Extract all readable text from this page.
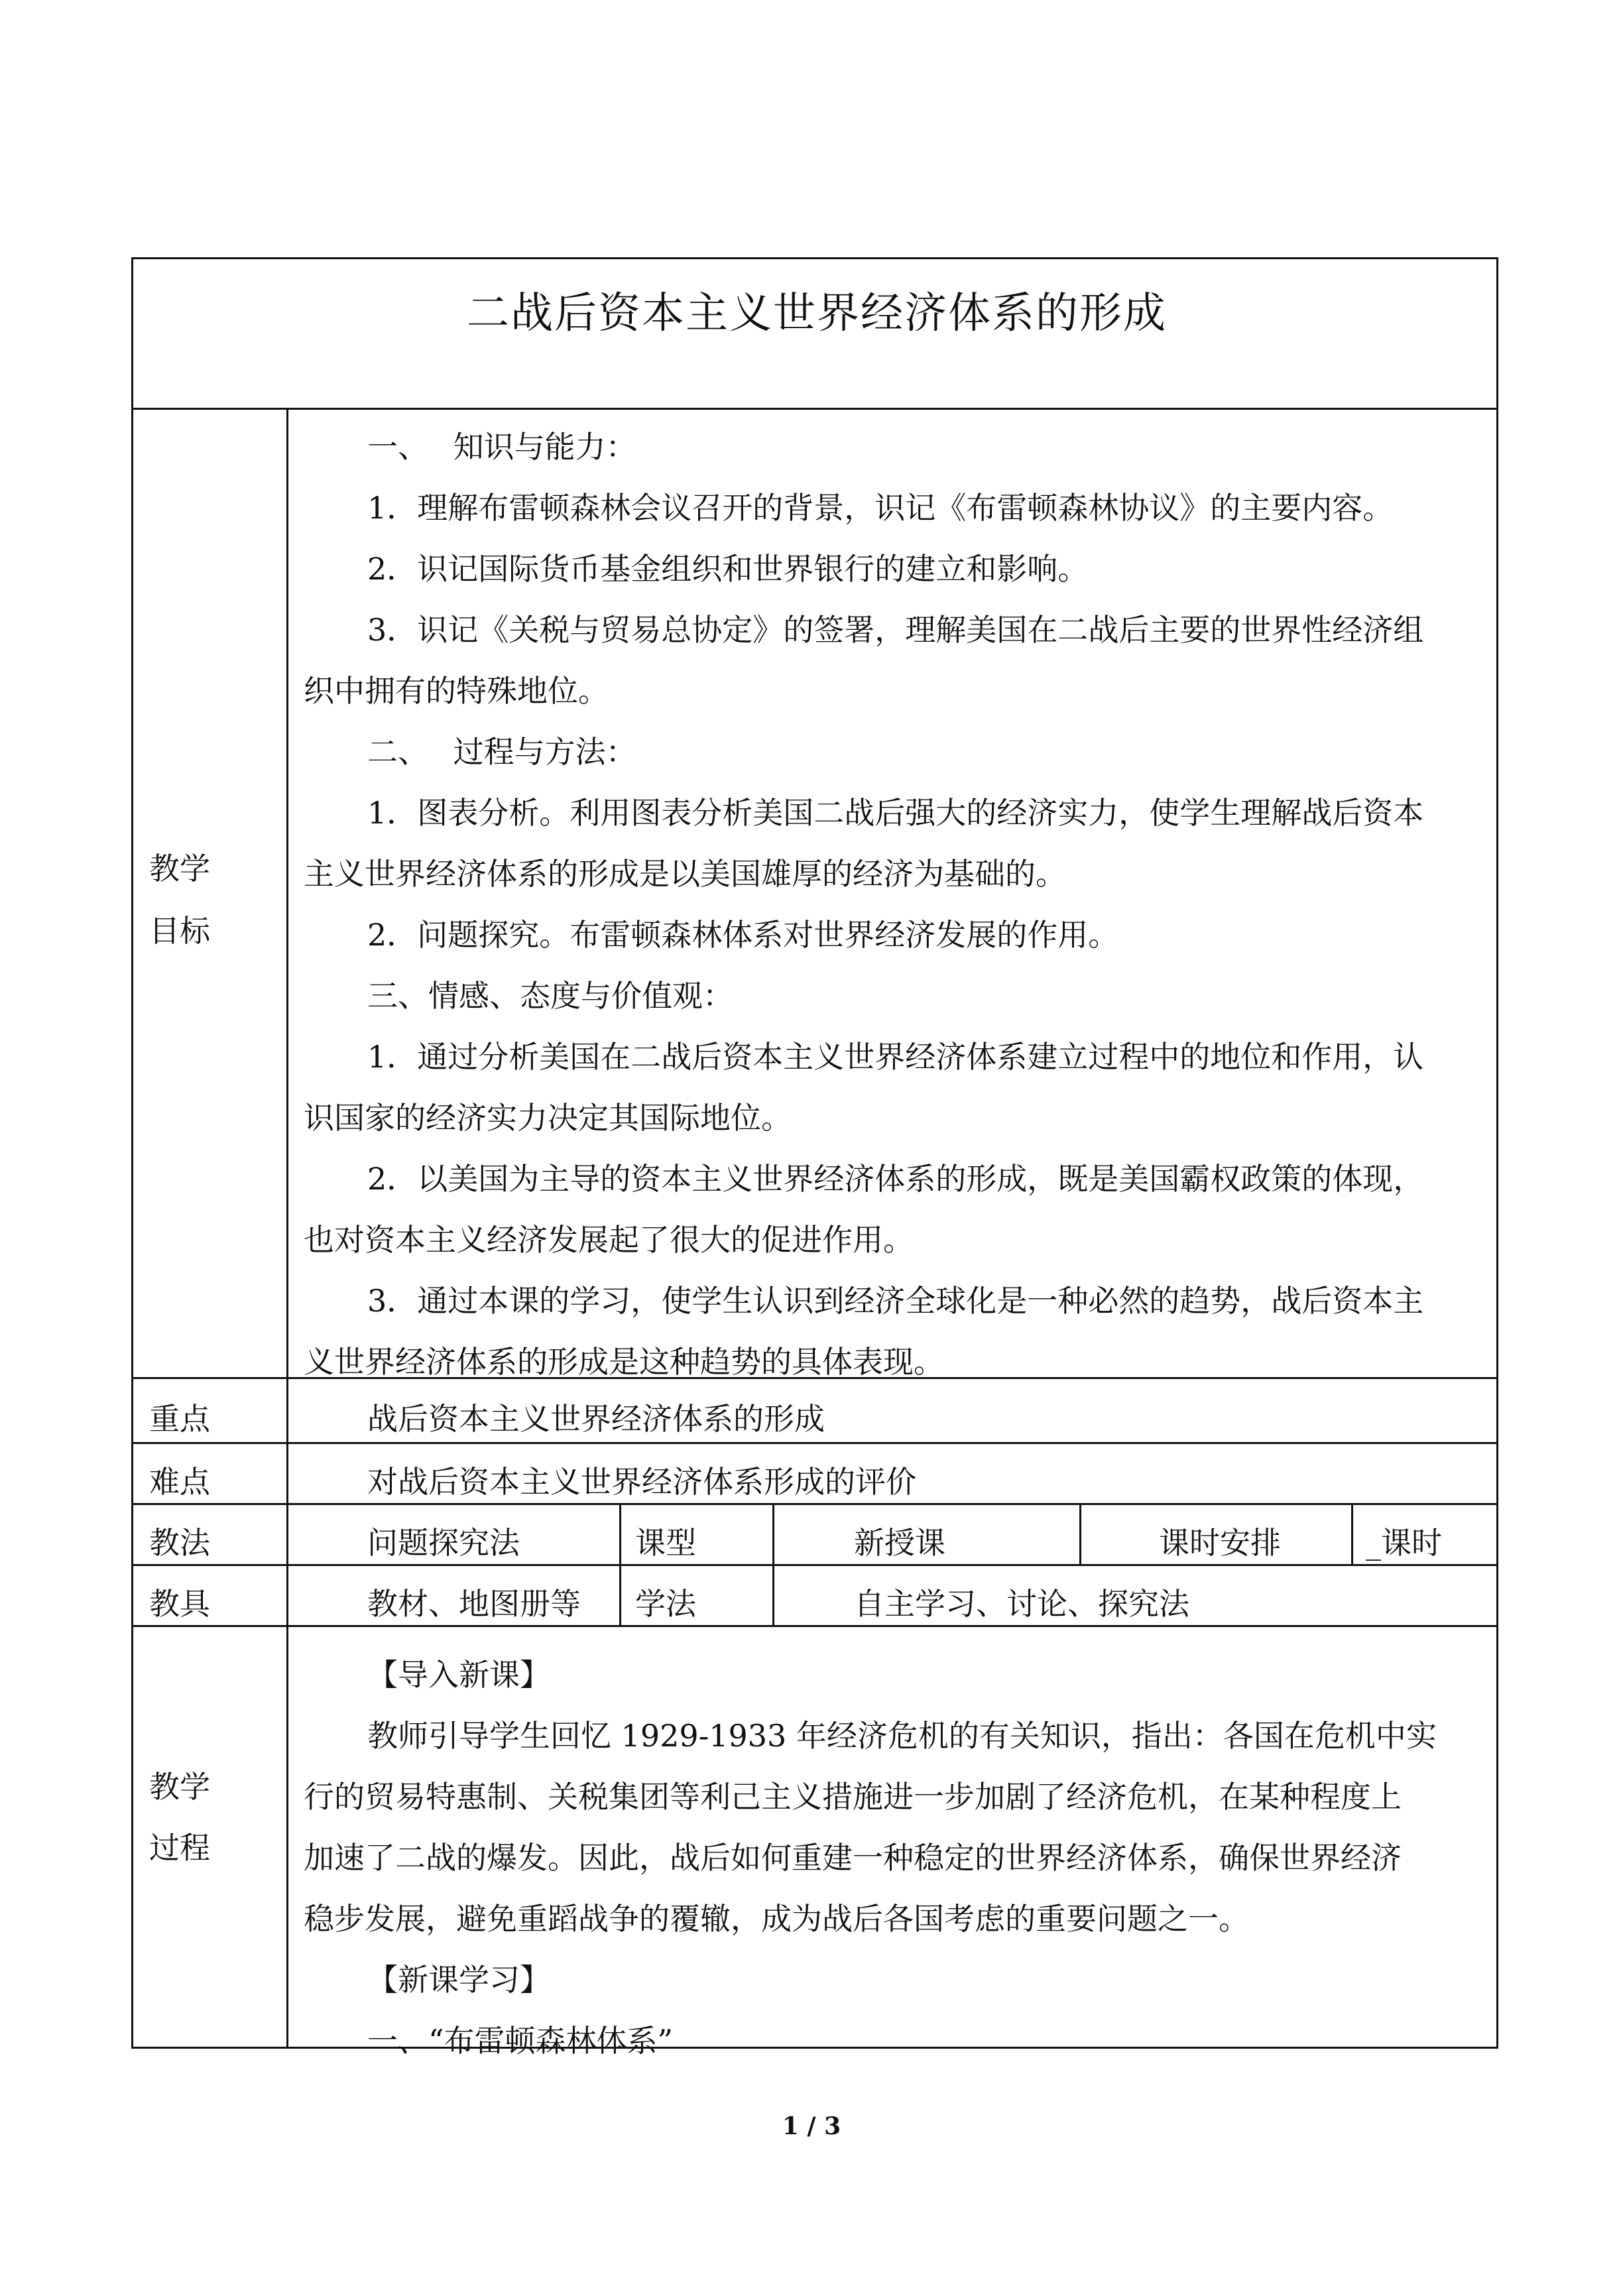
二战后资本主义世界经济体系的形成
教学
目标

一、　 知识与能力：

1．理解布雷顿森林会议召开的背景，识记《布雷顿森林协议》的主要内容。

2．识记国际货币基金组织和世界银行的建立和影响。

3．识记《关税与贸易总协定》的签署，理解美国在二战后主要的世界性经济组

织中拥有的特殊地位。

二、　 过程与方法：

1．图表分析。利用图表分析美国二战后强大的经济实力，使学生理解战后资本

主义世界经济体系的形成是以美国雄厚的经济为基础的。

2．问题探究。布雷顿森林体系对世界经济发展的作用。

三、情感、态度与价值观：

1．通过分析美国在二战后资本主义世界经济体系建立过程中的地位和作用，认

识国家的经济实力决定其国际地位。

2．以美国为主导的资本主义世界经济体系的形成，既是美国霸权政策的体现，

也对资本主义经济发展起了很大的促进作用。

3．通过本课的学习，使学生认识到经济全球化是一种必然的趋势，战后资本主

义世界经济体系的形成是这种趋势的具体表现。

重点	战后资本主义世界经济体系的形成
难点	对战后资本主义世界经济体系形成的评价
教法	问题探究法	课型	新授课	课时安排	_课时
教具	教材、地图册等 学法	自主学习、讨论、探究法
教学
过程

【导入新课】

教师引导学生回忆 1929-1933 年经济危机的有关知识，指出：各国在危机中实

行的贸易特惠制、关税集团等利己主义措施进一步加剧了经济危机，在某种程度上

加速了二战的爆发。因此，战后如何重建一种稳定的世界经济体系，确保世界经济

稳步发展，避免重蹈战争的覆辙，成为战后各国考虑的重要问题之一。

【新课学习】

一、“布雷顿森林体系”

1 / 3
